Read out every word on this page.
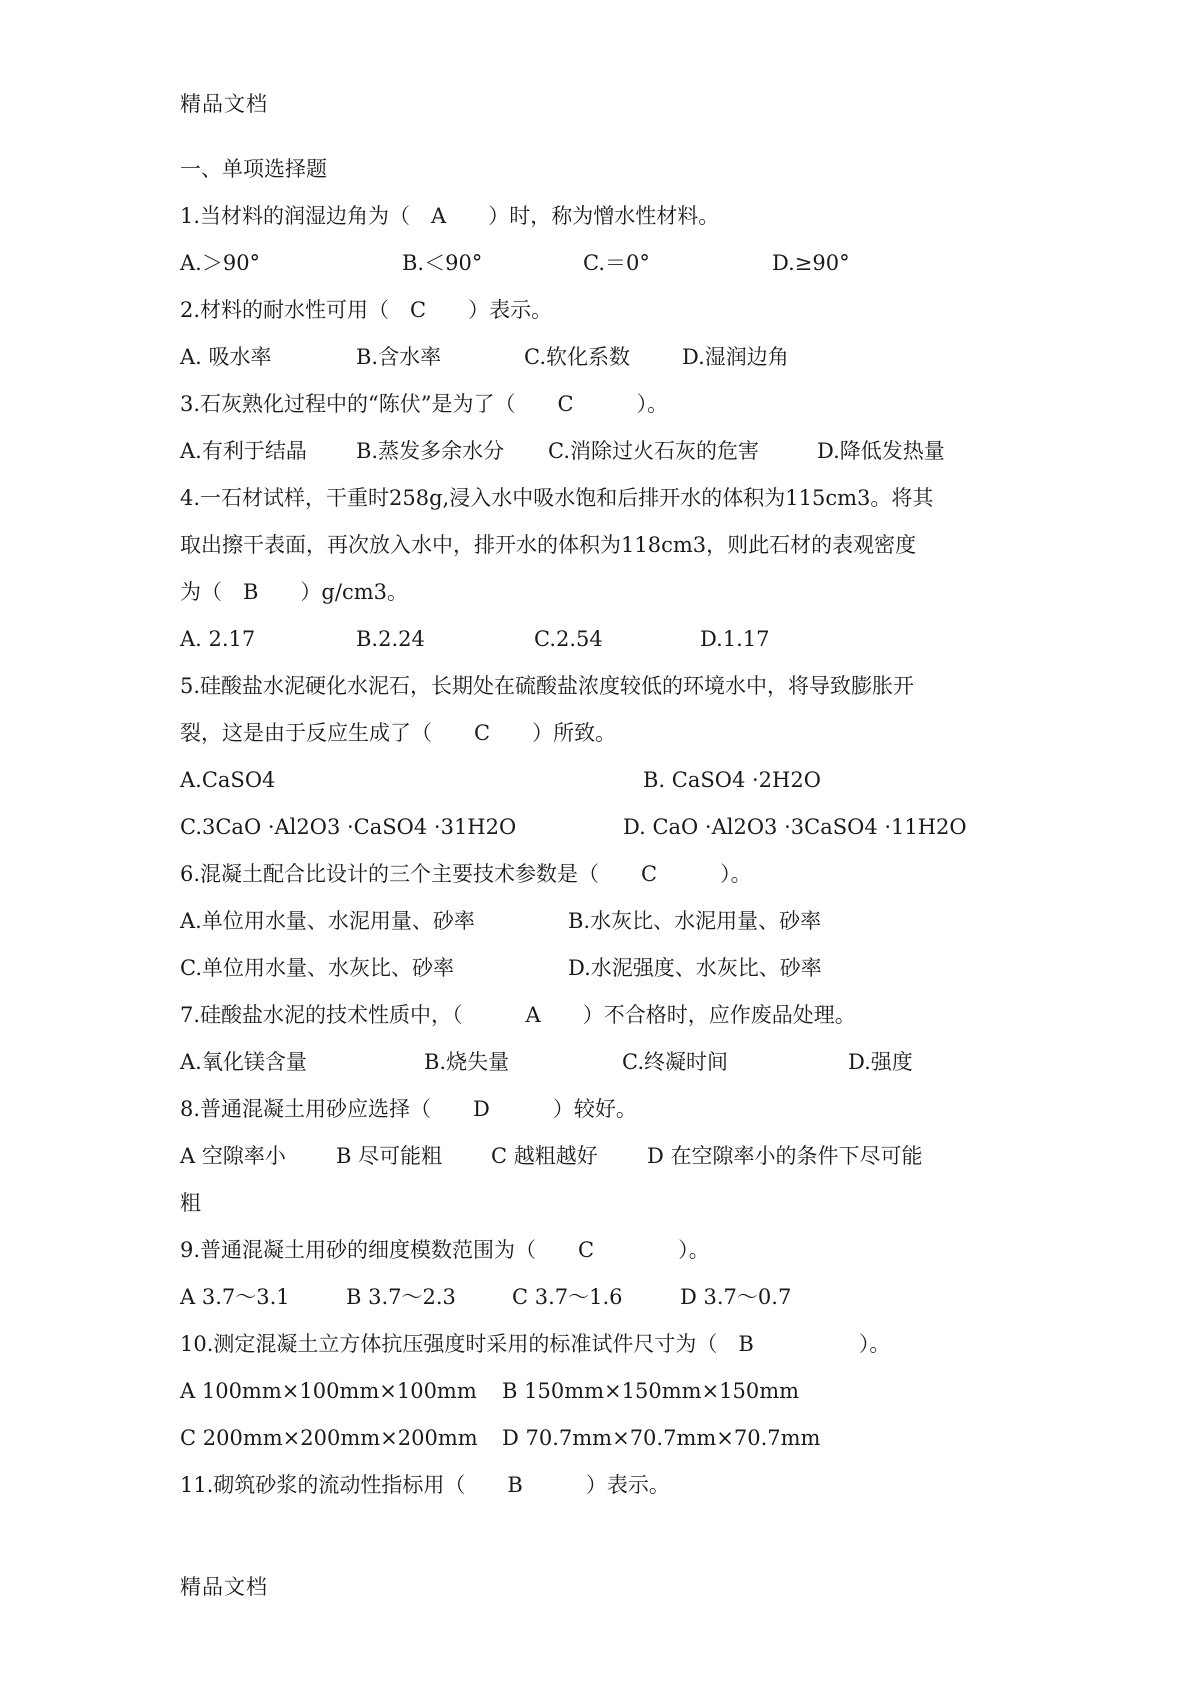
精品文档
一、单项选择题
1.当材料的润湿边角为（　A　　）时，称为憎水性材料。
A.＞90°	B.＜90°	C.＝0°	D.≥90°
2.材料的耐水性可用（　C　　）表示。
A. 吸水率	B.含水率	C.软化系数 D.湿润边角
3.石灰熟化过程中的“陈伏”是为了（　　C　　　）。
A.有利于结晶 B.蒸发多余水分 C.消除过火石灰的危害	D.降低发热量
4.一石材试样，干重时258g,浸入水中吸水饱和后排开水的体积为115cm3。将其
取出擦干表面，再次放入水中，排开水的体积为118cm3，则此石材的表观密度
为（　B　　）g/cm3。
A. 2.17	B.2.24	C.2.54	D.1.17
5.硅酸盐水泥硬化水泥石，长期处在硫酸盐浓度较低的环境水中，将导致膨胀开
裂，这是由于反应生成了（　　C　　）所致。
A.CaSO4	B. CaSO4 ·2H2O
C.3CaO ·Al2O3 ·CaSO4 ·31H2O	D. CaO ·Al2O3 ·3CaSO4 ·11H2O
6.混凝土配合比设计的三个主要技术参数是（　　C　　　）。
A.单位用水量、水泥用量、砂率	B.水灰比、水泥用量、砂率
C.单位用水量、水灰比、砂率	D.水泥强度、水灰比、砂率
7.硅酸盐水泥的技术性质中，（　　　A　　）不合格时，应作废品处理。
A.氧化镁含量	B.烧失量	C.终凝时间	D.强度
8.普通混凝土用砂应选择（　　D　　　）较好。
A 空隙率小 B 尽可能粗 C 越粗越好 D 在空隙率小的条件下尽可能
粗
9.普通混凝土用砂的细度模数范围为（　　C　　　　）。
A 3.7～3.1	B 3.7～2.3	C 3.7～1.6	D 3.7～0.7
10.测定混凝土立方体抗压强度时采用的标准试件尺寸为（　B　　　　　）。
A 100mm×100mm×100mm B 150mm×150mm×150mm
C 200mm×200mm×200mm D 70.7mm×70.7mm×70.7mm
11.砌筑砂浆的流动性指标用（　　B　　　）表示。
精品文档
